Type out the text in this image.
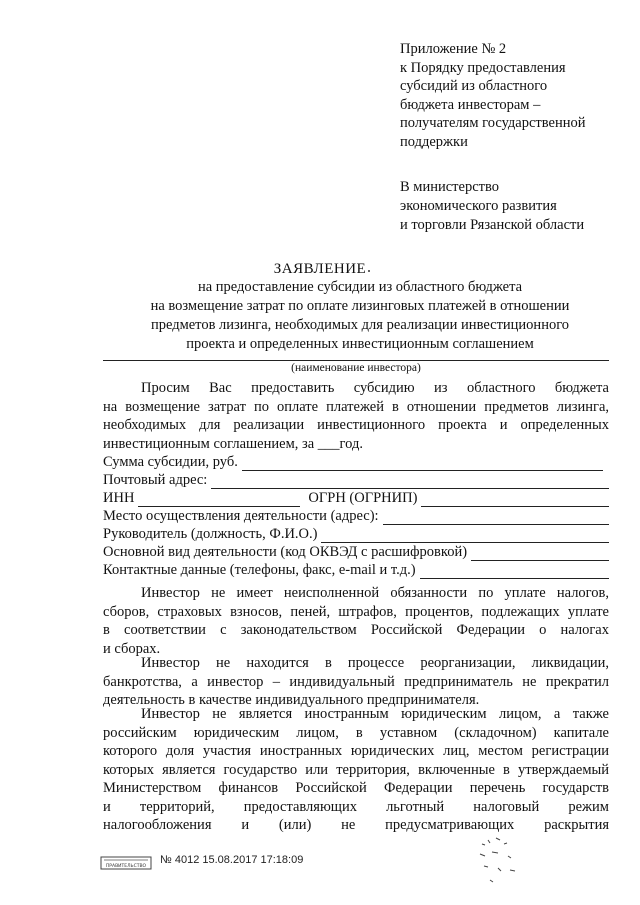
Приложение № 2
к Порядку предоставления
субсидий из областного
бюджета инвесторам –
получателям государственной
поддержки
В министерство
экономического развития
и торговли Рязанской области
ЗАЯВЛЕНИЕ
на предоставление субсидии из областного бюджета
на возмещение затрат по оплате лизинговых платежей в отношении
предметов лизинга, необходимых для реализации инвестиционного
проекта и определенных инвестиционным соглашением
(наименование инвестора)
Просим Вас предоставить субсидию из областного бюджета
на возмещение затрат по оплате платежей в отношении предметов лизинга,
необходимых для реализации инвестиционного проекта и определенных
инвестиционным соглашением, за ___год.
Сумма субсидии, руб.
Почтовый адрес:
ИНН	ОГРН (ОГРНИП)
Место осуществления деятельности (адрес):
Руководитель (должность, Ф.И.О.)
Основной вид деятельности (код ОКВЭД с расшифровкой)
Контактные данные (телефоны, факс, e-mail и т.д.)
Инвестор не имеет неисполненной обязанности по уплате налогов,
сборов, страховых взносов, пеней, штрафов, процентов, подлежащих уплате
в соответствии с законодательством Российской Федерации о налогах
и сборах.
Инвестор не находится в процессе реорганизации, ликвидации,
банкротства, а инвестор – индивидуальный предприниматель не прекратил
деятельность в качестве индивидуального предпринимателя.
Инвестор не является иностранным юридическим лицом, а также
российским юридическим лицом, в уставном (складочном) капитале
которого доля участия иностранных юридических лиц, местом регистрации
которых является государство или территория, включенные в утверждаемый
Министерством финансов Российской Федерации перечень государств
и территорий, предоставляющих льготный налоговый режим
налогообложения и (или) не предусматривающих раскрытия
ПРАВИТЕЛЬСТВО
№ 4012 15.08.2017 17:18:09
